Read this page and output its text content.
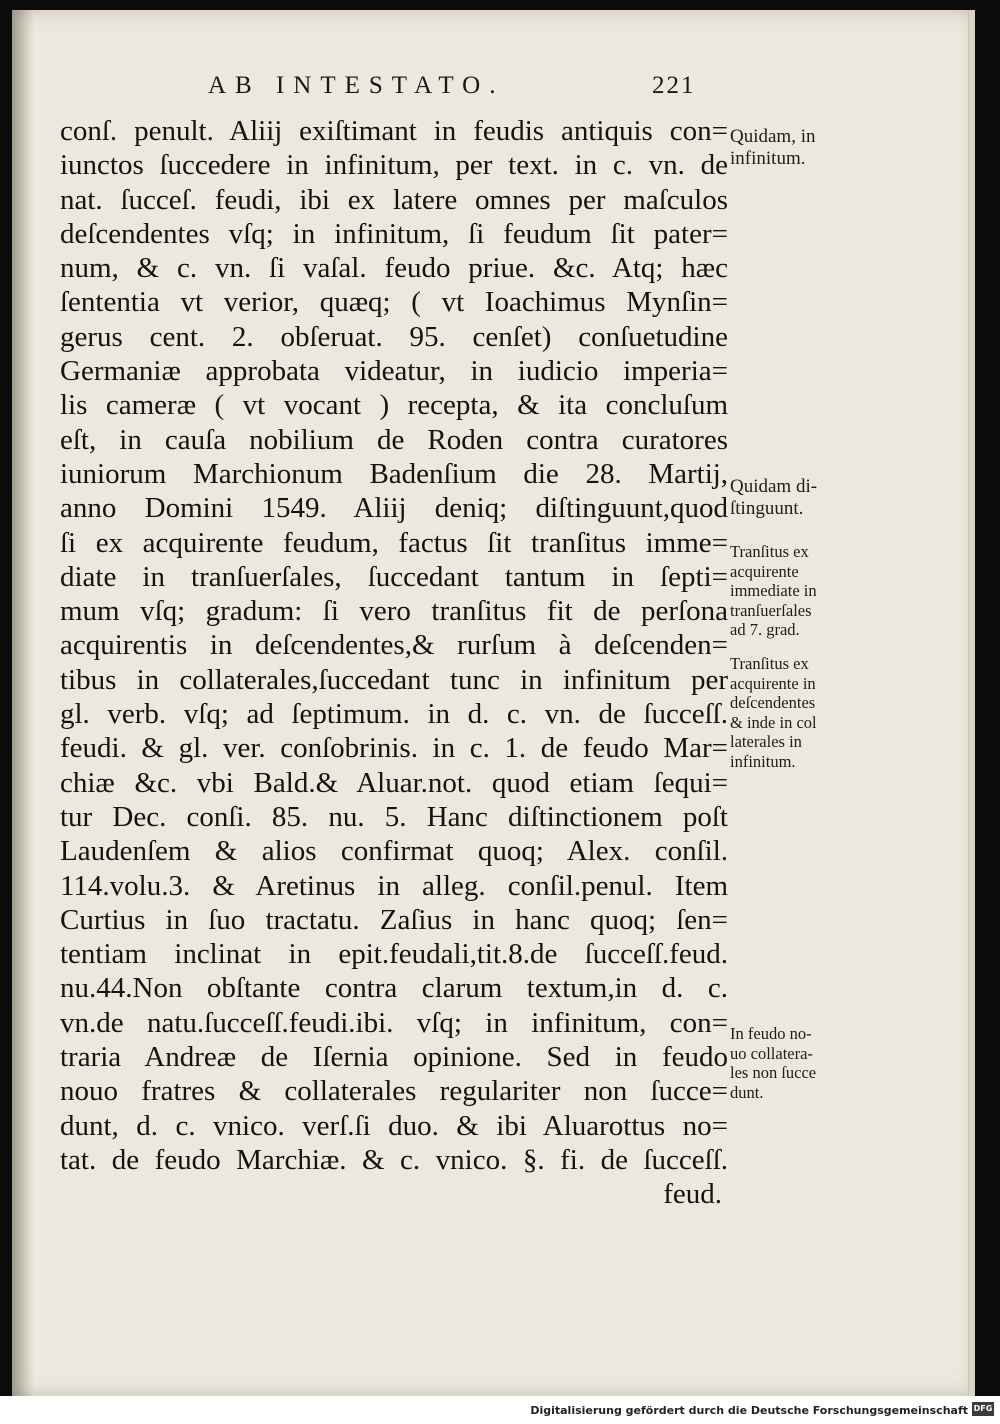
AB INTESTATO.	221
conſ. penult. Aliĳ exiſtimant in feudis antiquis con=
iunctos ſuccedere in infinitum, per text. in c. vn. de
nat. ſucceſ. feudi, ibi ex latere omnes per maſculos
deſcendentes vſq; in infinitum, ſi feudum ſit pater=
num, & c. vn. ſi vaſal. feudo priue. &c. Atq; hæc
ſententia vt verior, quæq; ( vt Ioachimus Mynſin=
gerus cent. 2. obſeruat. 95. cenſet) conſuetudine
Germaniæ approbata videatur, in iudicio imperia=
lis cameræ ( vt vocant ) recepta, & ita concluſum
eſt, in cauſa nobilium de Roden contra curatores
iuniorum Marchionum Badenſium die 28. Martĳ,
anno Domini 1549. Aliĳ deniq; diſtinguunt,quod
ſi ex acquirente feudum, factus ſit tranſitus imme=
diate in tranſuerſales, ſuccedant tantum in ſepti=
mum vſq; gradum: ſi vero tranſitus fit de perſona
acquirentis in deſcendentes,& rurſum à deſcenden=
tibus in collaterales,ſuccedant tunc in infinitum per
gl. verb. vſq; ad ſeptimum. in d. c. vn. de ſucceſſ.
feudi. & gl. ver. conſobrinis. in c. 1. de feudo Mar=
chiæ &c. vbi Bald.& Aluar.not. quod etiam ſequi=
tur Dec. conſi. 85. nu. 5. Hanc diſtinctionem poſt
Laudenſem & alios confirmat quoq; Alex. conſil.
114.volu.3. & Aretinus in alleg. conſil.penul. Item
Curtius in ſuo tractatu. Zaſius in hanc quoq; ſen=
tentiam inclinat in epit.feudali,tit.8.de ſucceſſ.feud.
nu.44.Non obſtante contra clarum textum,in d. c.
vn.de natu.ſucceſſ.feudi.ibi. vſq; in infinitum, con=
traria Andreæ de Iſernia opinione. Sed in feudo
nouo fratres & collaterales regulariter non ſucce=
dunt, d. c. vnico. verſ.ſi duo. & ibi Aluarottus no=
tat. de feudo Marchiæ. & c. vnico. §. fi. de ſucceſſ.
feud.
Quidam, in
infinitum.
Quidam di-
ſtinguunt.
Tranſitus ex
acquirente
immediate in
tranſuerſales
ad 7. grad.
Tranſitus ex
acquirente in
deſcendentes
& inde in col
laterales in
infinitum.
In feudo no-
uo collatera-
les non ſucce
dunt.
Digitalisierung gefördert durch die Deutsche Forschungsgemeinschaft DFG
